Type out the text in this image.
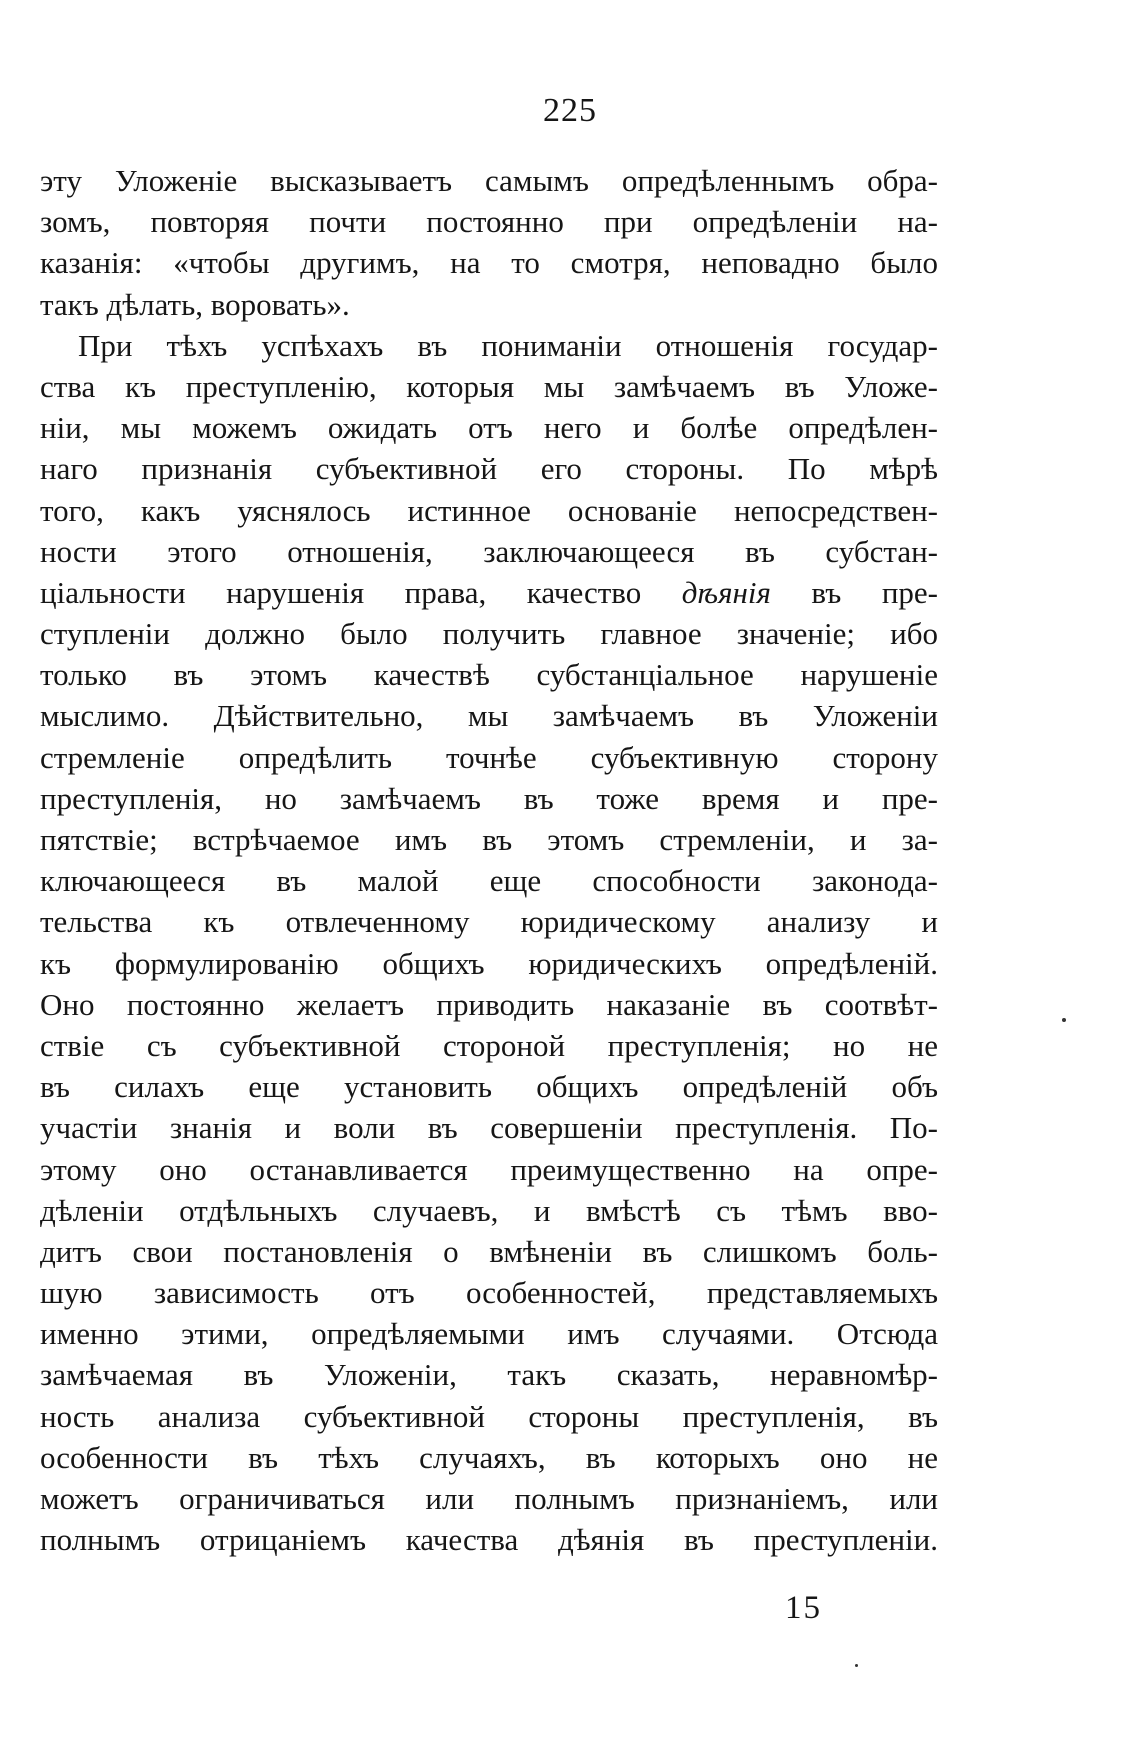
225
эту Уложеніе высказываетъ самымъ опредѣленнымъ обра-
зомъ, повторяя почти постоянно при опредѣленіи на-
казанія: «чтобы другимъ, на то смотря, неповадно было
такъ дѣлать, воровать».
При тѣхъ успѣхахъ въ пониманіи отношенія государ-
ства къ преступленію, которыя мы замѣчаемъ въ Уложе-
ніи, мы можемъ ожидать отъ него и болѣе опредѣлен-
наго признанія субъективной его стороны. По мѣрѣ
того, какъ уяснялось истинное основаніе непосредствен-
ности этого отношенія, заключающееся въ субстан-
ціальности нарушенія права, качество дѣянія въ пре-
ступленіи должно было получить главное значеніе; ибо
только въ этомъ качествѣ субстанціальное нарушеніе
мыслимо. Дѣйствительно, мы замѣчаемъ въ Уложеніи
стремленіе опредѣлить точнѣе субъективную сторону
преступленія, но замѣчаемъ въ тоже время и пре-
пятствіе; встрѣчаемое имъ въ этомъ стремленіи, и за-
ключающееся въ малой еще способности законода-
тельства къ отвлеченному юридическому анализу и
къ формулированію общихъ юридическихъ опредѣленій.
Оно постоянно желаетъ приводить наказаніе въ соотвѣт-
ствіе съ субъективной стороной преступленія; но не
въ силахъ еще установить общихъ опредѣленій объ
участіи знанія и воли въ совершеніи преступленія. По-
этому оно останавливается преимущественно на опре-
дѣленіи отдѣльныхъ случаевъ, и вмѣстѣ съ тѣмъ вво-
дитъ свои постановленія о вмѣненіи въ слишкомъ боль-
шую зависимость отъ особенностей, представляемыхъ
именно этими, опредѣляемыми имъ случаями. Отсюда
замѣчаемая въ Уложеніи, такъ сказать, неравномѣр-
ность анализа субъективной стороны преступленія, въ
особенности въ тѣхъ случаяхъ, въ которыхъ оно не
можетъ ограничиваться или полнымъ признаніемъ, или
полнымъ отрицаніемъ качества дѣянія въ преступленіи.
15
